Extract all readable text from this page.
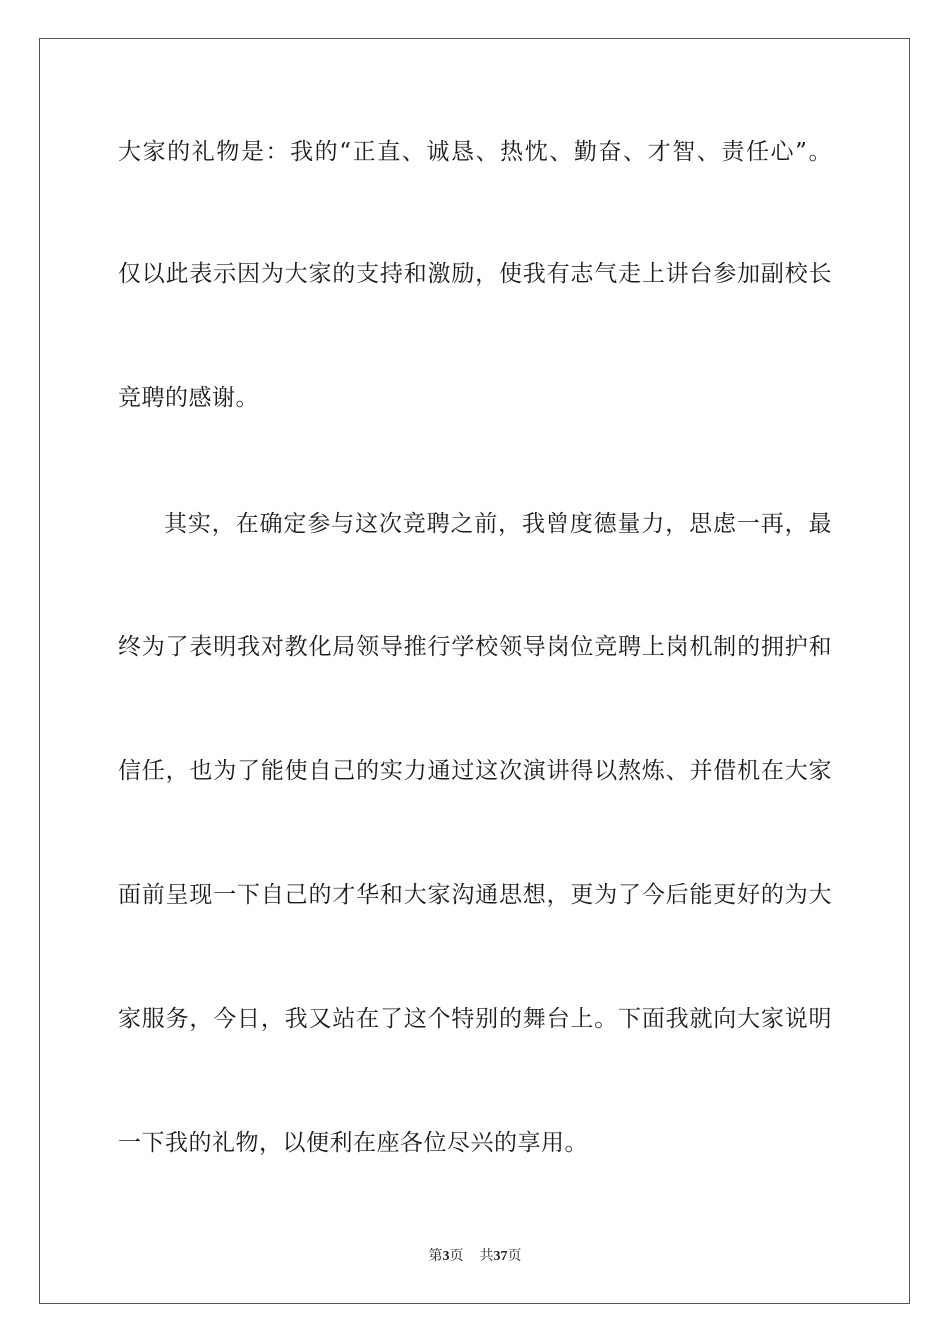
大家的礼物是：我的“正直、诚恳、热忱、勤奋、才智、责任心”。
仅以此表示因为大家的支持和激励，使我有志气走上讲台参加副校长
竞聘的感谢。
其实，在确定参与这次竞聘之前，我曾度德量力，思虑一再，最
终为了表明我对教化局领导推行学校领导岗位竞聘上岗机制的拥护和
信任，也为了能使自己的实力通过这次演讲得以熬炼、并借机在大家
面前呈现一下自己的才华和大家沟通思想，更为了今后能更好的为大
家服务，今日，我又站在了这个特别的舞台上。下面我就向大家说明
一下我的礼物，以便利在座各位尽兴的享用。
第3页 共37页
